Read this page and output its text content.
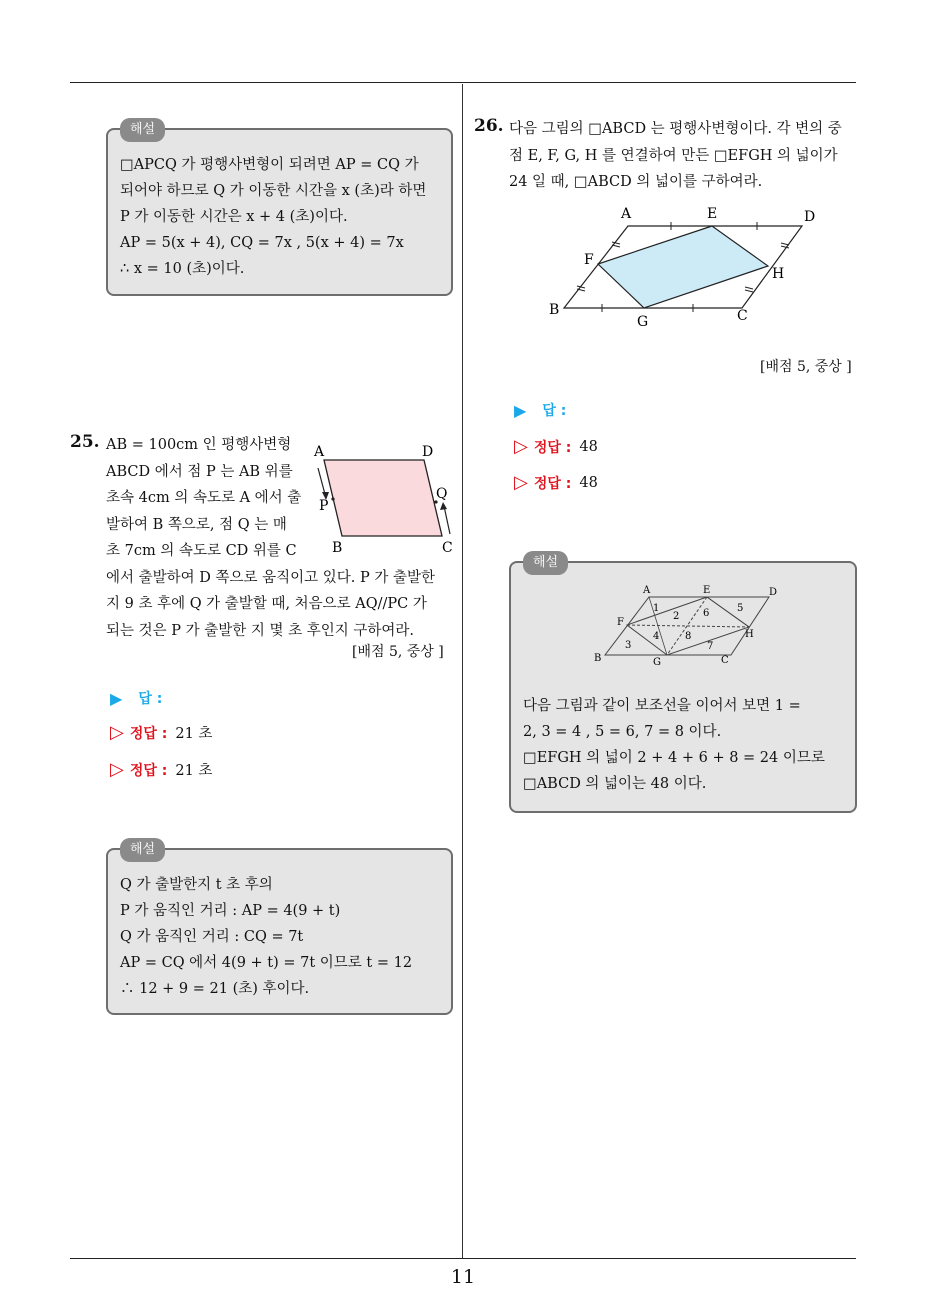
해설
□APCQ 가 평행사변형이 되려면 AP = CQ 가
되어야 하므로 Q 가 이동한 시간을 x (초)라 하면
P 가 이동한 시간은 x + 4 (초)이다.
AP = 5(x + 4), CQ = 7x , 5(x + 4) = 7x
∴ x = 10 (초)이다.
25. AB = 100cm 인 평행사변형
ABCD 에서 점 P 는 AB 위를
초속 4cm 의 속도로 A 에서 출
발하여 B 쪽으로, 점 Q 는 매
초 7cm 의 속도로 CD 위를 C
에서 출발하여 D 쪽으로 움직이고 있다. P 가 출발한
지 9 초 후에 Q 가 출발할 때, 처음으로 AQ//PC 가
되는 것은 P 가 출발한 지 몇 초 후인지 구하여라.
A	D
P
Q
B	C
[배점 5, 중상 ]
▶ 답 :
▷ 정답 : 21 초
▷ 정답 : 21 초
해설
Q 가 출발한지 t 초 후의
P 가 움직인 거리 : AP = 4(9 + t)
Q 가 움직인 거리 : CQ = 7t
AP = CQ 에서 4(9 + t) = 7t 이므로 t = 12
∴ 12 + 9 = 21 (초) 후이다.
26. 다음 그림의 □ABCD 는 평행사변형이다. 각 변의 중
점 E, F, G, H 를 연결하여 만든 □EFGH 의 넓이가
24 일 때, □ABCD 의 넓이를 구하여라.
A	E	D
F
H
B
G	C
[배점 5, 중상 ]
▶ 답 :
▷ 정답 : 48
▷ 정답 : 48
해설
A	E	D
F
H
B	G	C
1
2 6	5
4	8
3	7
다음 그림과 같이 보조선을 이어서 보면 1 =
2, 3 = 4 , 5 = 6, 7 = 8 이다.
□EFGH 의 넓이 2 + 4 + 6 + 8 = 24 이므로
□ABCD 의 넓이는 48 이다.
11
